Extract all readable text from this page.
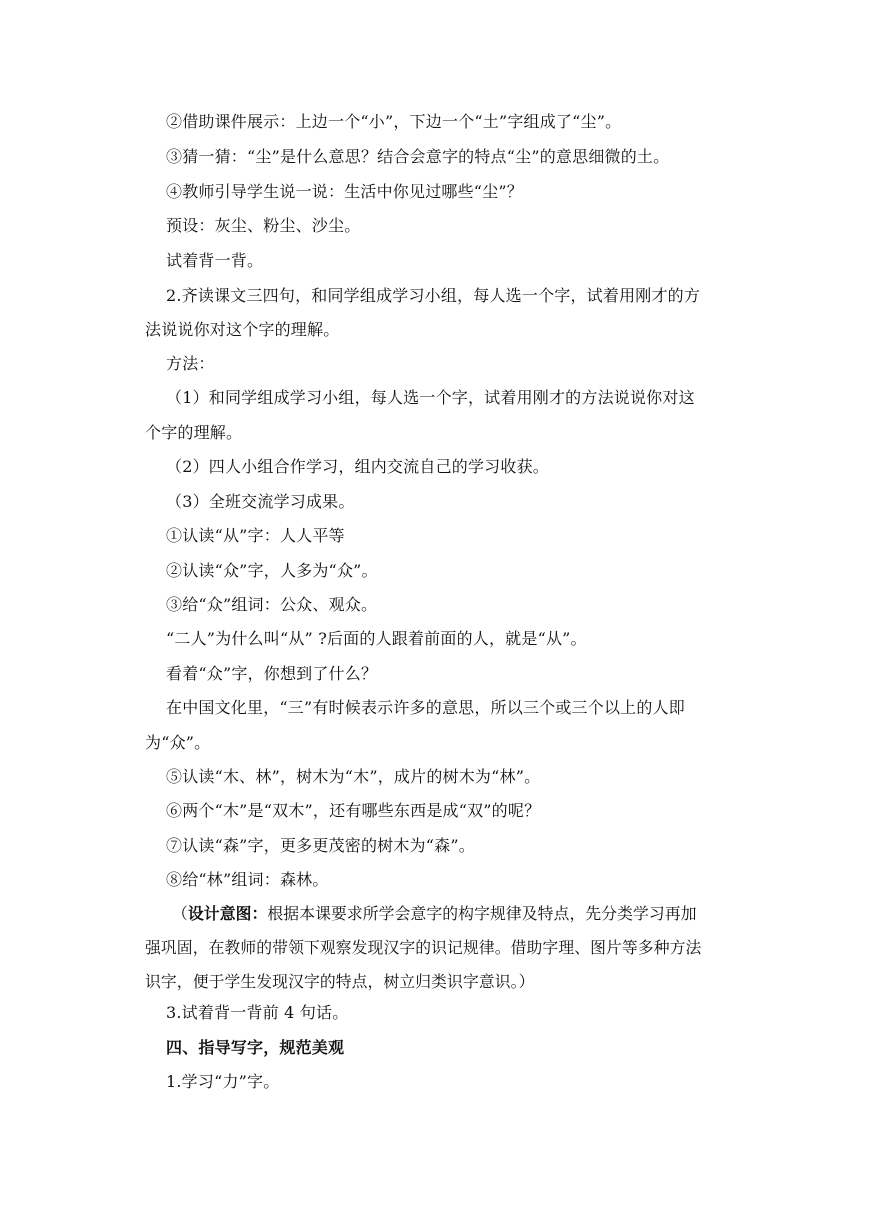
②借助课件展示：上边一个“小”，下边一个“土”字组成了“尘”。
③猜一猜：“尘”是什么意思？结合会意字的特点“尘”的意思细微的土。
④教师引导学生说一说：生活中你见过哪些“尘”？
预设：灰尘、粉尘、沙尘。
试着背一背。
2.齐读课文三四句，和同学组成学习小组，每人选一个字，试着用刚才的方
法说说你对这个字的理解。
方法：
（1）和同学组成学习小组，每人选一个字，试着用刚才的方法说说你对这
个字的理解。
（2）四人小组合作学习，组内交流自己的学习收获。
（3）全班交流学习成果。
①认读“从”字：人人平等
②认读“众”字，人多为“众”。
③给“众”组词：公众、观众。
“二人”为什么叫“从” ?后面的人跟着前面的人，就是“从”。
看着“众”字，你想到了什么？
在中国文化里，“三”有时候表示许多的意思，所以三个或三个以上的人即
为“众”。
⑤认读“木、林”，树木为“木”，成片的树木为“林”。
⑥两个“木”是“双木”，还有哪些东西是成“双”的呢？
⑦认读“森”字，更多更茂密的树木为“森”。
⑧给“林”组词：森林。
（设计意图：根据本课要求所学会意字的构字规律及特点，先分类学习再加
强巩固，在教师的带领下观察发现汉字的识记规律。借助字理、图片等多种方法
识字，便于学生发现汉字的特点，树立归类识字意识。）
3.试着背一背前 4 句话。
四、指导写字，规范美观
1.学习“力”字。
